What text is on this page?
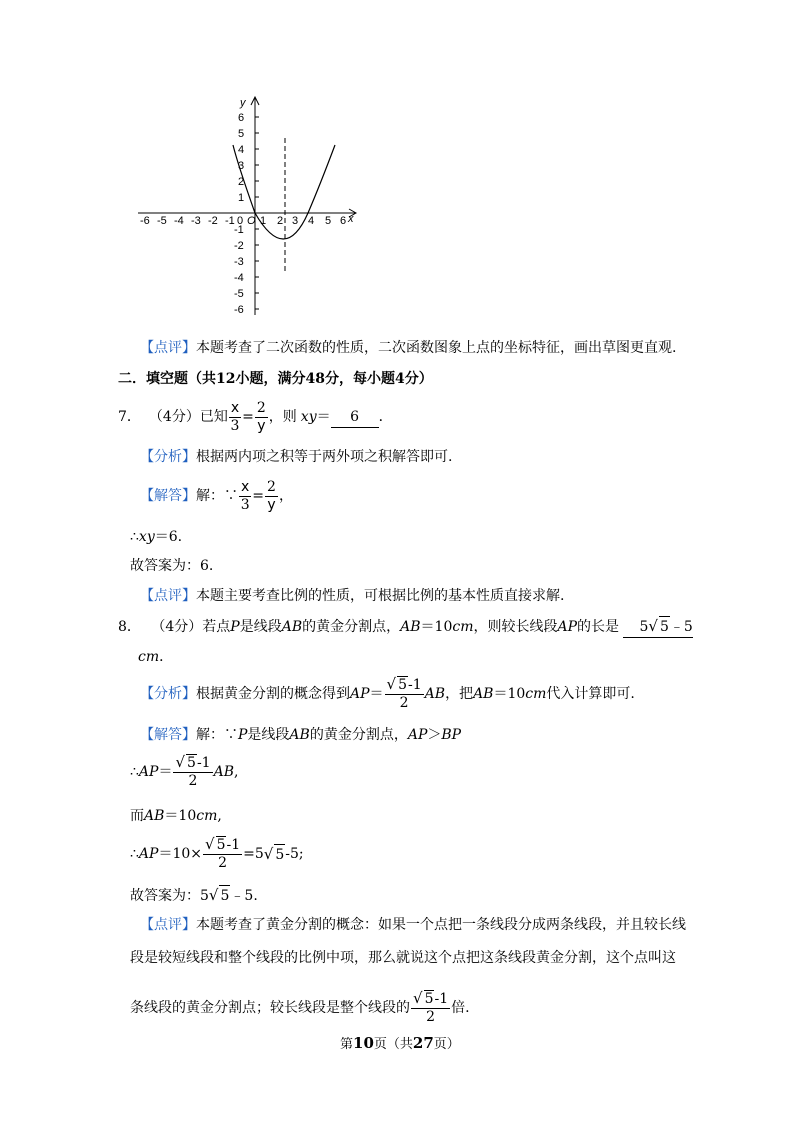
y
x
-6 -5 -4 -3 -2 -1 0 O 1 2 3 4 5 6
6
5
4
3
2
1
-1
-2
-3
-4
-5
-6
【点评】本题考查了二次函数的性质，二次函数图象上点的坐标特征，画出草图更直观.
二．填空题（共12小题，满分48分，每小题4分）
7． （4分）已知 $\frac{x}{3} = \frac{2}{y}$ ，则 xy ＝	6	．
【分析】根据两内项之积等于两外项之积解答即可.
【解答】 解：∵ $\frac{x}{3} = \frac{2}{y}$ ，
∴xy＝6.
故答案为：6.
【点评】本题主要考查比例的性质，可根据比例的基本性质直接求解.
8． （4分）若点P是线段AB的黄金分割点，AB＝10cm，则较长线段AP的长是 5√ 5﹣5
cm．
【分析】 根据黄金分割的概念得到 AP ＝ $\frac{√ 5-1}{2}$ AB ，把 AB ＝10 cm 代入计算即可.
【解答】解：∵P是线段AB的黄金分割点，AP＞BP
∴ AP ＝ $\frac{√ 5-1}{2}$ AB ,
而AB＝10cm,
∴ AP ＝ $10\times \frac{√ 5-1}{2} = 5$ √ 5 -5;
故答案为：5√ 5﹣5.
【点评】本题考查了黄金分割的概念：如果一个点把一条线段分成两条线段，并且较长线
段是较短线段和整个线段的比例中项，那么就说这个点把这条线段黄金分割，这个点叫这
条线段的黄金分割点；较长线段是整个线段的 $\frac{√ 5-1}{2}$ 倍.
第10页（共27页）
